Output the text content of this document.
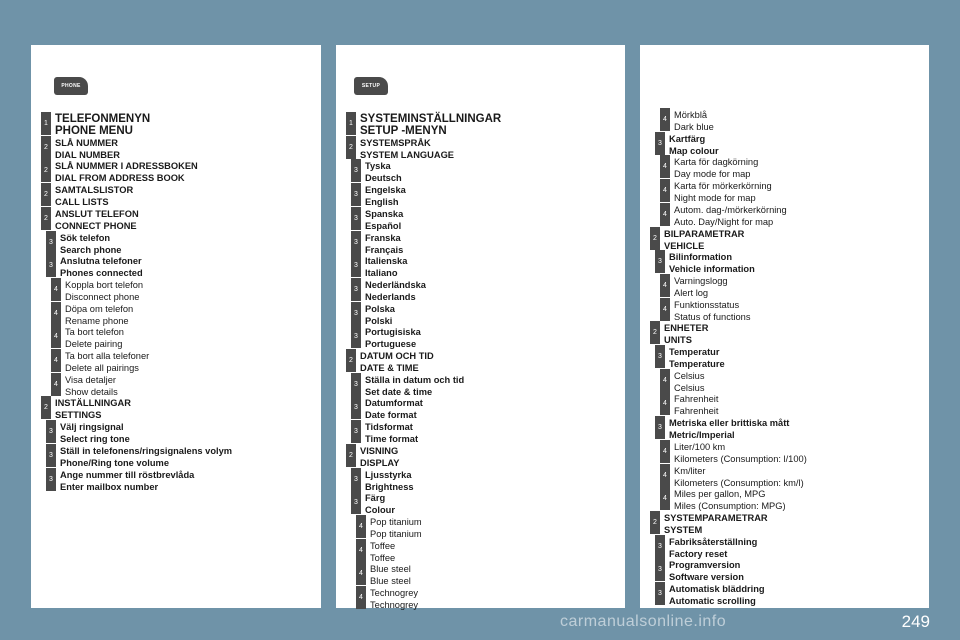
PHONE
1 TELEFONMENYN
PHONE MENU
2 SLÅ NUMMER
DIAL NUMBER
2 SLÅ NUMMER I ADRESSBOKEN
DIAL FROM ADDRESS BOOK
2 SAMTALSLISTOR
CALL LISTS
2 ANSLUT TELEFON
CONNECT PHONE
3 Sök telefon
Search phone
3 Anslutna telefoner
Phones connected
4 Koppla bort telefon
Disconnect phone
4 Döpa om telefon
Rename phone
4 Ta bort telefon
Delete pairing
4 Ta bort alla telefoner
Delete all pairings
4 Visa detaljer
Show details
2 INSTÄLLNINGAR
SETTINGS
3 Välj ringsignal
Select ring tone
3 Ställ in telefonens/ringsignalens volym
Phone/Ring tone volume
3 Ange nummer till röstbrevlåda
Enter mailbox number
SETUP
1 SYSTEMINSTÄLLNINGAR
SETUP -MENYN
2 SYSTEMSPRÅK
SYSTEM LANGUAGE
3 Tyska
Deutsch
3 Engelska
English
3 Spanska
Español
3 Franska
Français
3 Italienska
Italiano
3 Nederländska
Nederlands
3 Polska
Polski
3 Portugisiska
Portuguese
2 DATUM OCH TID
DATE & TIME
3 Ställa in datum och tid
Set date & time
3 Datumformat
Date format
3 Tidsformat
Time format
2 VISNING
DISPLAY
3 Ljusstyrka
Brightness
3 Färg
Colour
4 Pop titanium
Pop titanium
4 Toffee
Toffee
4 Blue steel
Blue steel
4 Technogrey
Technogrey
4 Mörkblå
Dark blue
3 Kartfärg
Map colour
4 Karta för dagkörning
Day mode for map
4 Karta för mörkerkörning
Night mode for map
4 Autom. dag-/mörkerkörning
Auto. Day/Night for map
2 BILPARAMETRAR
VEHICLE
3 Bilinformation
Vehicle information
4 Varningslogg
Alert log
4 Funktionsstatus
Status of functions
2 ENHETER
UNITS
3 Temperatur
Temperature
4 Celsius
Celsius
4 Fahrenheit
Fahrenheit
3 Metriska eller brittiska mått
Metric/Imperial
4 Liter/100 km
Kilometers (Consumption: l/100)
4 Km/liter
Kilometers (Consumption: km/l)
4 Miles per gallon, MPG
Miles (Consumption: MPG)
2 SYSTEMPARAMETRAR
SYSTEM
3 Fabriksåterställning
Factory reset
3 Programversion
Software version
3 Automatisk bläddring
Automatic scrolling
carmanualsonline.info	249
